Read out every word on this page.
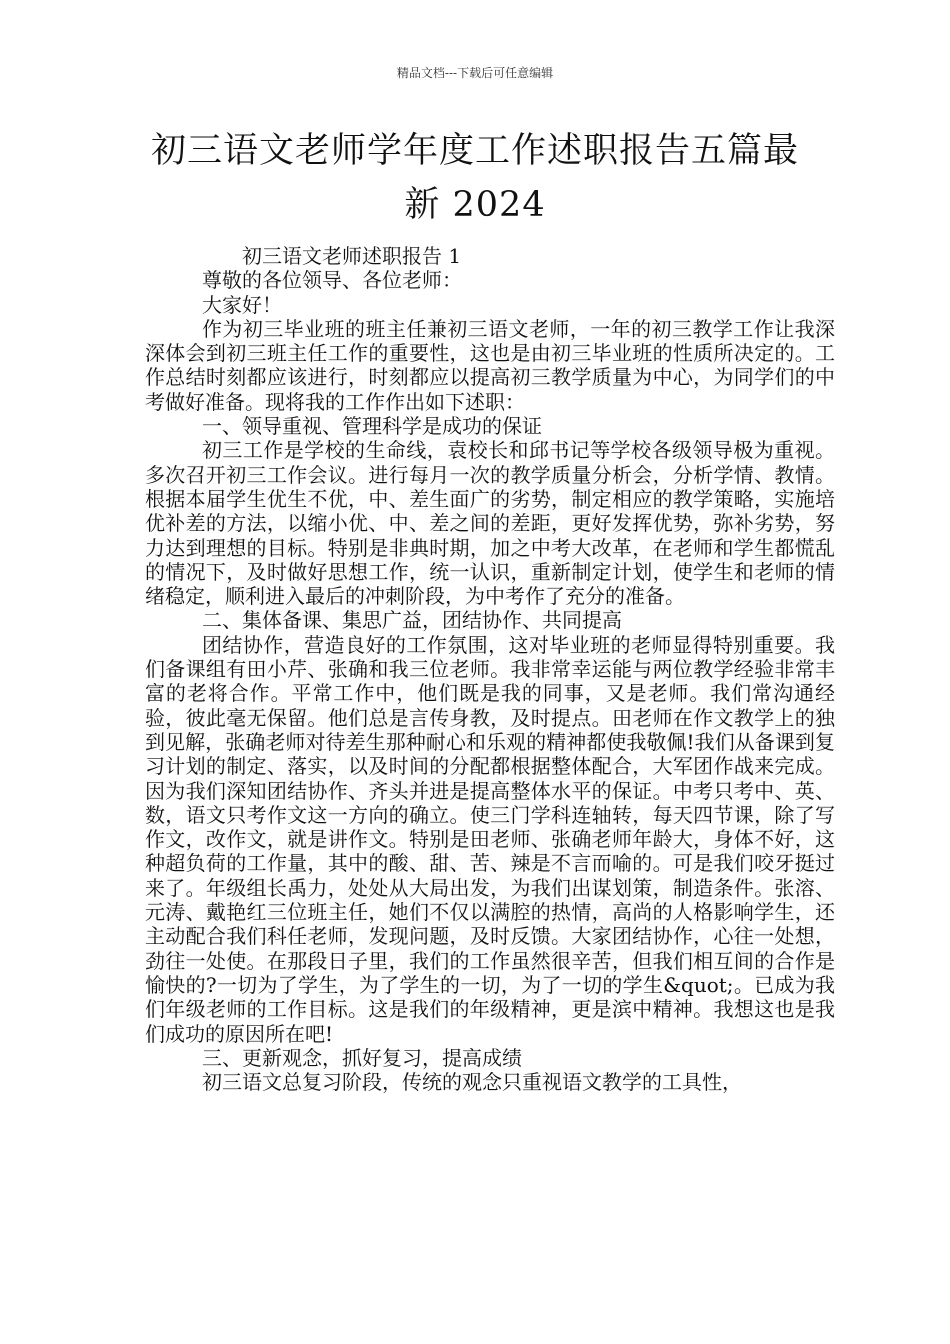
精品文档---下载后可任意编辑
初三语文老师学年度工作述职报告五篇最
新 2024

初三语文老师述职报告 1

尊敬的各位领导、各位老师：

大家好！

作为初三毕业班的班主任兼初三语文老师，一年的初三教学工作让我深深体会到初三班主任工作的重要性，这也是由初三毕业班的性质所决定的。工作总结时刻都应该进行，时刻都应以提高初三教学质量为中心，为同学们的中考做好准备。现将我的工作作出如下述职：

一、领导重视、管理科学是成功的保证

初三工作是学校的生命线，袁校长和邱书记等学校各级领导极为重视。多次召开初三工作会议。进行每月一次的教学质量分析会，分析学情、教情。根据本届学生优生不优，中、差生面广的劣势，制定相应的教学策略，实施培优补差的方法，以缩小优、中、差之间的差距，更好发挥优势，弥补劣势，努力达到理想的目标。特别是非典时期，加之中考大改革，在老师和学生都慌乱的情况下，及时做好思想工作，统一认识，重新制定计划，使学生和老师的情绪稳定，顺利进入最后的冲刺阶段，为中考作了充分的准备。

二、集体备课、集思广益，团结协作、共同提高

团结协作，营造良好的工作氛围，这对毕业班的老师显得特别重要。我们备课组有田小芹、张确和我三位老师。我非常幸运能与两位教学经验非常丰富的老将合作。平常工作中，他们既是我的同事，又是老师。我们常沟通经验，彼此毫无保留。他们总是言传身教，及时提点。田老师在作文教学上的独到见解，张确老师对待差生那种耐心和乐观的精神都使我敬佩!我们从备课到复习计划的制定、落实，以及时间的分配都根据整体配合，大军团作战来完成。因为我们深知团结协作、齐头并进是提高整体水平的保证。中考只考中、英、数，语文只考作文这一方向的确立。使三门学科连轴转，每天四节课，除了写作文，改作文，就是讲作文。特别是田老师、张确老师年龄大，身体不好，这种超负荷的工作量，其中的酸、甜、苦、辣是不言而喻的。可是我们咬牙挺过来了。年级组长禹力，处处从大局出发，为我们出谋划策，制造条件。张溶、元涛、戴艳红三位班主任，她们不仅以满腔的热情，高尚的人格影响学生，还主动配合我们科任老师，发现问题，及时反馈。大家团结协作，心往一处想，劲往一处使。在那段日子里，我们的工作虽然很辛苦，但我们相互间的合作是愉快的?一切为了学生，为了学生的一切，为了一切的学生&quot;。已成为我们年级老师的工作目标。这是我们的年级精神，更是滨中精神。我想这也是我们成功的原因所在吧!

三、更新观念，抓好复习，提高成绩

初三语文总复习阶段，传统的观念只重视语文教学的工具性，
